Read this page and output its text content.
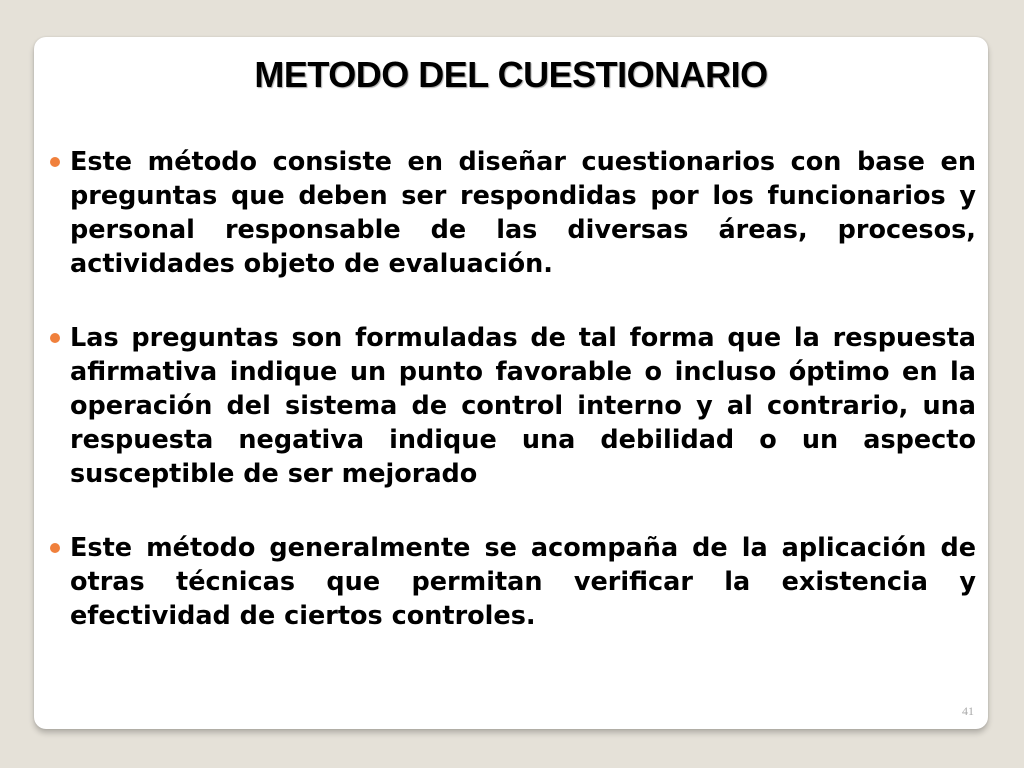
METODO DEL CUESTIONARIO
Este método consiste en diseñar cuestionarios con base en preguntas que deben ser respondidas por los funcionarios y personal responsable de las diversas áreas, procesos, actividades objeto de evaluación.
Las preguntas son formuladas de tal forma que la respuesta afirmativa indique un punto favorable o incluso óptimo en la operación del sistema de control interno y al contrario, una respuesta negativa indique una debilidad o un aspecto susceptible de ser mejorado
Este método generalmente se acompaña de la aplicación de otras técnicas que permitan verificar la existencia y efectividad de ciertos controles.
41
